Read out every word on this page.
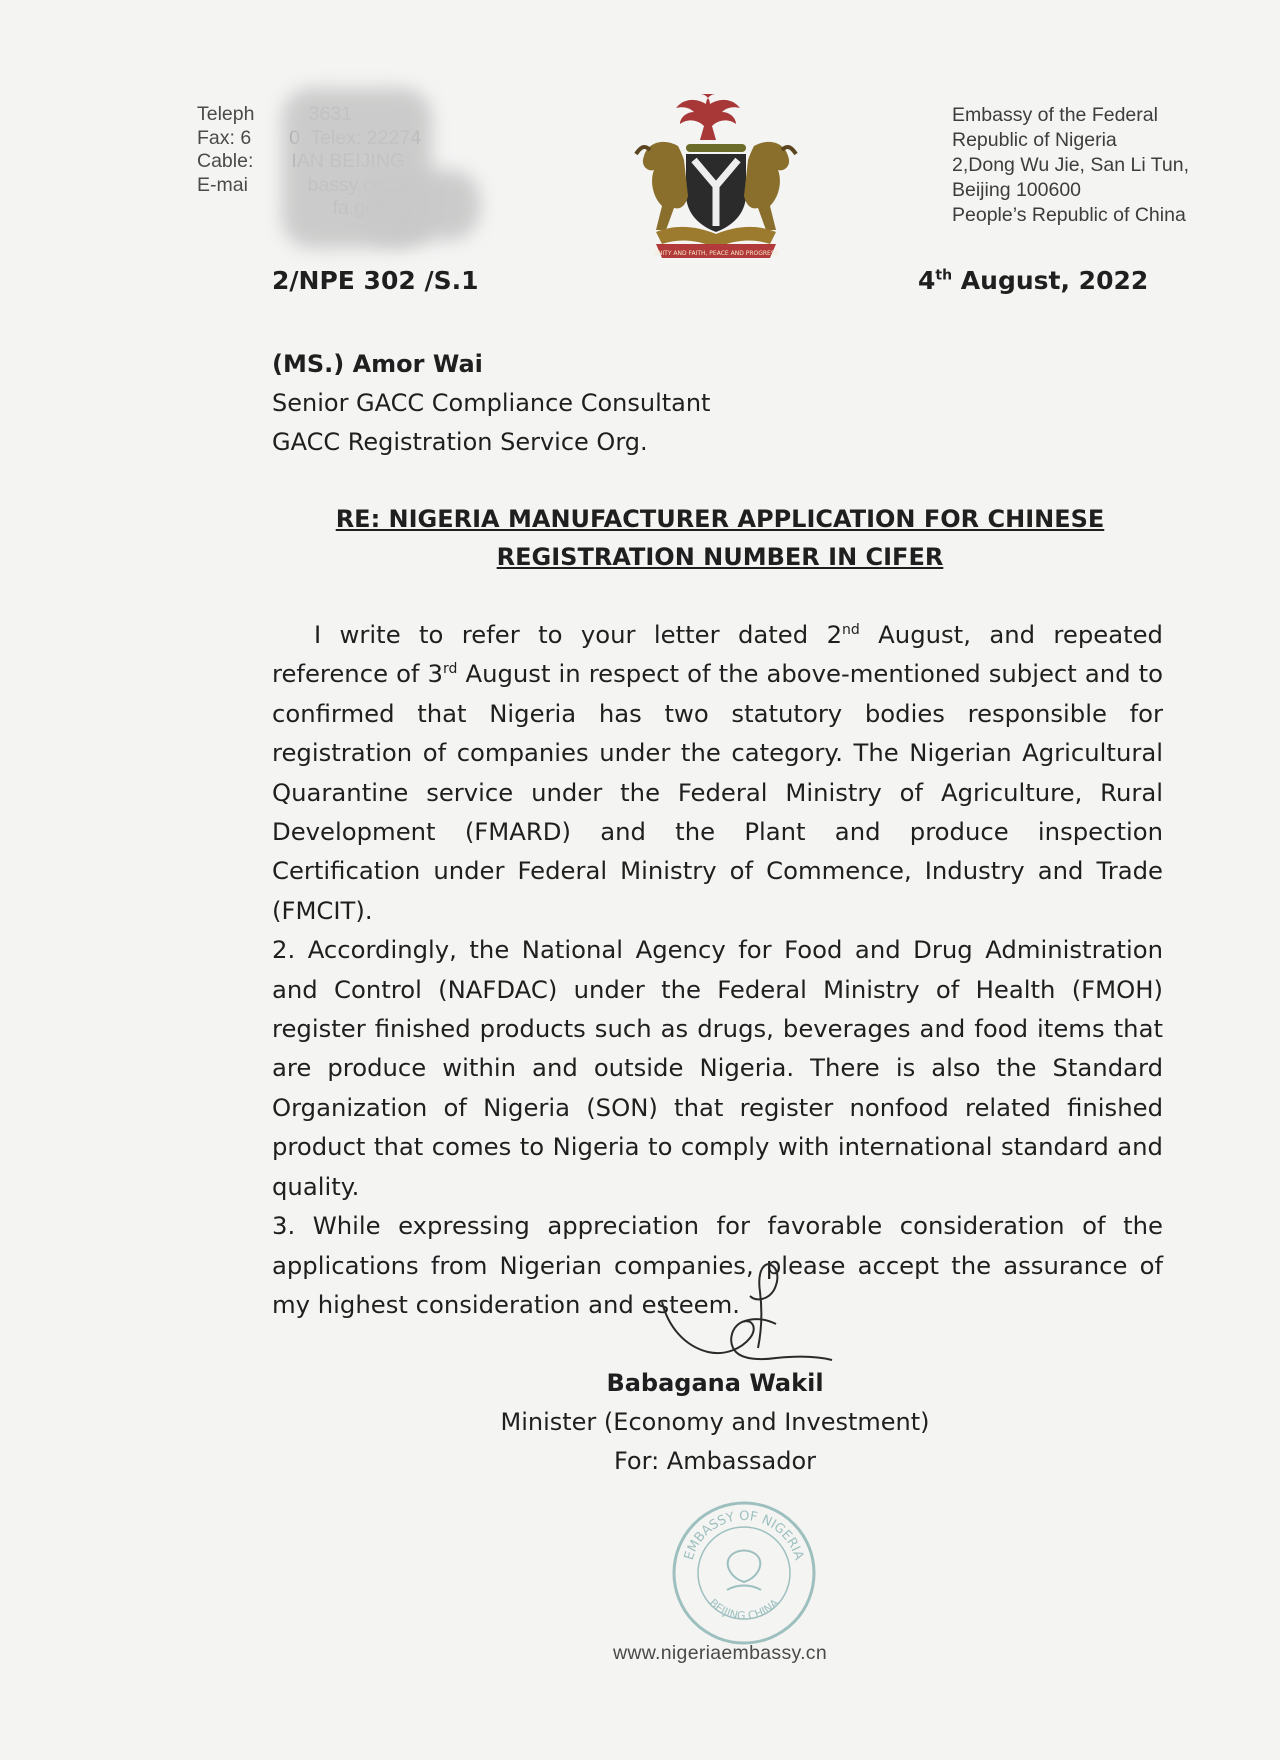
Teleph
Fax: 6
Cable:
E-mai

UNITY AND FAITH, PEACE AND PROGRESS
Embassy of the Federal
Republic of Nigeria
2,Dong Wu Jie, San Li Tun,
Beijing 100600
People’s Republic of China
2/NPE 302 /S.1	4th August, 2022
(MS.) Amor Wai
Senior GACC Compliance Consultant
GACC Registration Service Org.
RE: NIGERIA MANUFACTURER APPLICATION FOR CHINESE
REGISTRATION NUMBER IN CIFER

I write to refer to your letter dated 2nd August, and repeated reference of 3rd August in respect of the above-mentioned subject and to confirmed that Nigeria has two statutory bodies responsible for registration of companies under the category. The Nigerian Agricultural Quarantine service under the Federal Ministry of Agriculture, Rural Development (FMARD) and the Plant and produce inspection Certification under Federal Ministry of Commence, Industry and Trade (FMCIT).

2. Accordingly, the National Agency for Food and Drug Administration and Control (NAFDAC) under the Federal Ministry of Health (FMOH) register finished products such as drugs, beverages and food items that are produce within and outside Nigeria. There is also the Standard Organization of Nigeria (SON) that register nonfood related finished product that comes to Nigeria to comply with international standard and quality.

3. While expressing appreciation for favorable consideration of the applications from Nigerian companies, please accept the assurance of my highest consideration and esteem.

Babagana Wakil
Minister (Economy and Investment)
For: Ambassador
EMBASSY OF NIGERIA
BEIJING CHINA
www.nigeriaembassy.cn
